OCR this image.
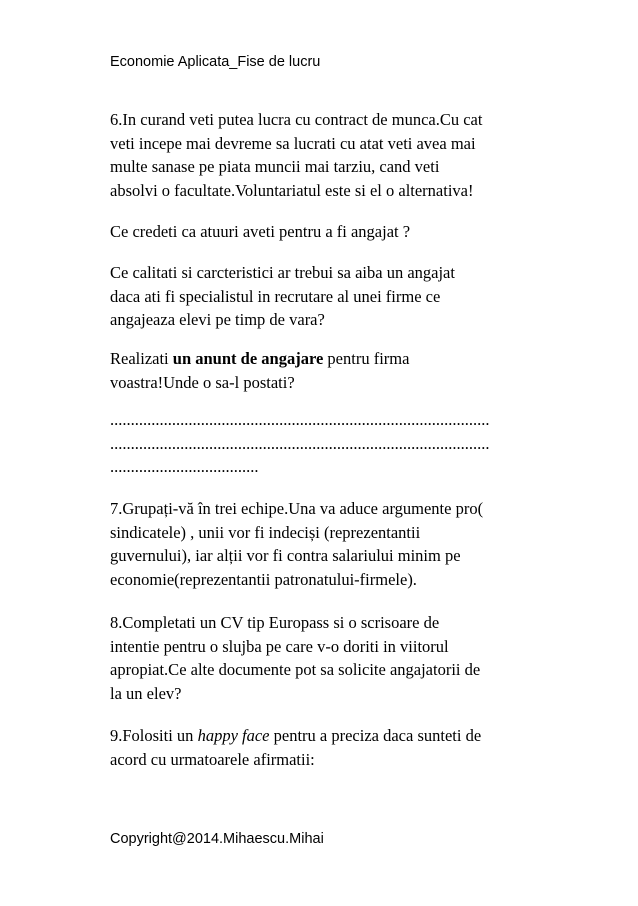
Economie Aplicata_Fise de lucru

6.In curand veti putea lucra cu contract de munca.Cu cat

veti incepe mai devreme sa lucrati cu atat veti avea mai

multe sanase pe piata muncii mai tarziu, cand veti

absolvi o facultate.Voluntariatul este si el o alternativa!

Ce credeti ca atuuri aveti pentru a fi angajat ?

Ce calitati si carcteristici ar trebui sa aiba un angajat

daca ati fi specialistul in recrutare al unei firme ce

angajeaza elevi pe timp de vara?

Realizati un anunt de angajare pentru firma

voastra!Unde o sa-l postati?

............................................................................................

............................................................................................

....................................

7.Grupați-vă în trei echipe.Una va aduce argumente pro(

sindicatele) , unii vor fi indeciși (reprezentantii

guvernului), iar alții vor fi contra salariului minim pe

economie(reprezentantii patronatului-firmele).

8.Completati un CV tip Europass si o scrisoare de

intentie pentru o slujba pe care v-o doriti in viitorul

apropiat.Ce alte documente pot sa solicite angajatorii de

la un elev?

9.Folositi un happy face pentru a preciza daca sunteti de

acord cu urmatoarele afirmatii:

Copyright@2014.Mihaescu.Mihai
